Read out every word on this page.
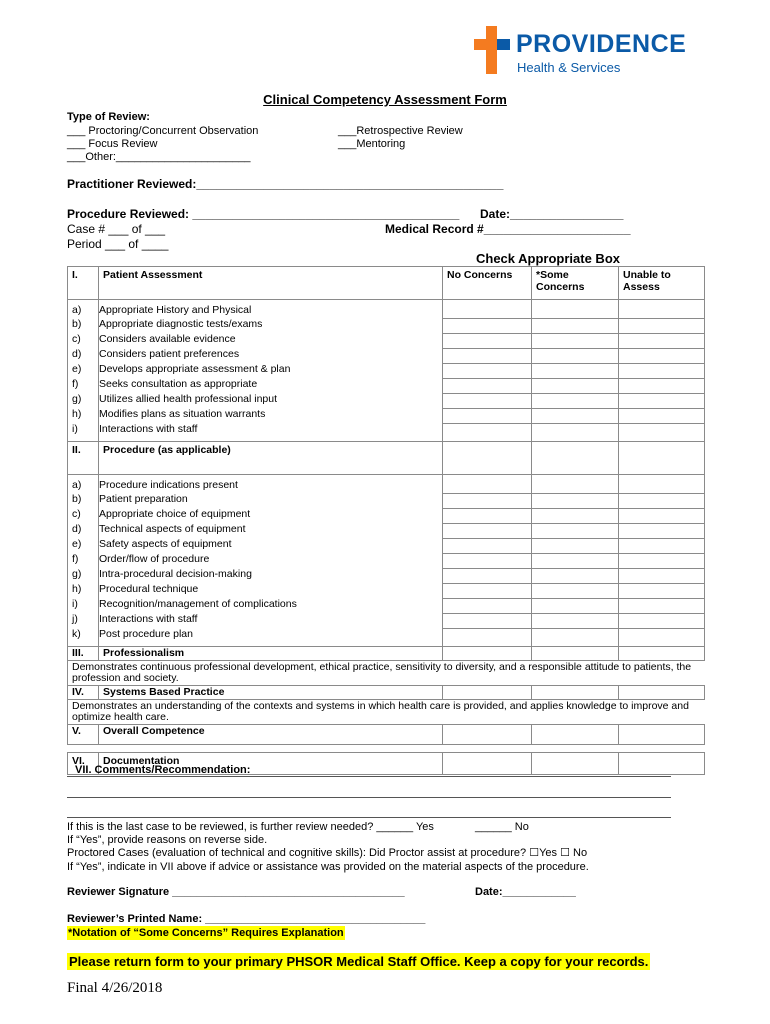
PROVIDENCE
Health & Services
Clinical Competency Assessment Form
Type of Review:
___ Proctoring/Concurrent Observation
___ Focus Review
___Other:______________________
___Retrospective Review
___Mentoring
Practitioner Reviewed:______________________________________________
Procedure Reviewed: ________________________________________ Date:_________________
Case # ___ of ___	Medical Record #______________________
Period ___ of ____
Check Appropriate Box
I.	Patient Assessment	No Concerns	*Some Concerns	Unable to Assess
a)	Appropriate History and Physical			
b)	Appropriate diagnostic tests/exams			
c)	Considers available evidence			
d)	Considers patient preferences			
e)	Develops appropriate assessment & plan			
f)	Seeks consultation as appropriate			
g)	Utilizes allied health professional input			
h)	Modifies plans as situation warrants			
i)	Interactions with staff			
II.	Procedure (as applicable)			
a)	Procedure indications present			
b)	Patient preparation			
c)	Appropriate choice of equipment			
d)	Technical aspects of equipment			
e)	Safety aspects of equipment			
f)	Order/flow of procedure			
g)	Intra-procedural decision-making			
h)	Procedural technique			
i)	Recognition/management of complications			
j)	Interactions with staff			
k)	Post procedure plan			
III.	Professionalism			
Demonstrates continuous professional development, ethical practice, sensitivity to diversity, and a responsible attitude to patients, the profession and society.				
IV.	Systems Based Practice			
Demonstrates an understanding of the contexts and systems in which health care is provided, and applies knowledge to improve and optimize health care.				
V.	Overall Competence			

VI.	Documentation			
VII. Comments/Recommendation:
If this is the last case to be reviewed, is further review needed? ______ Yes	______ No
If “Yes”, provide reasons on reverse side.
Proctored Cases (evaluation of technical and cognitive skills): Did Proctor assist at procedure? ☐Yes ☐ No
If “Yes”, indicate in VII above if advice or assistance was provided on the material aspects of the procedure.
Reviewer Signature ______________________________________	Date:____________
Reviewer’s Printed Name: ____________________________________
*Notation of “Some Concerns” Requires Explanation
Please return form to your primary PHSOR Medical Staff Office. Keep a copy for your records.
Final 4/26/2018
